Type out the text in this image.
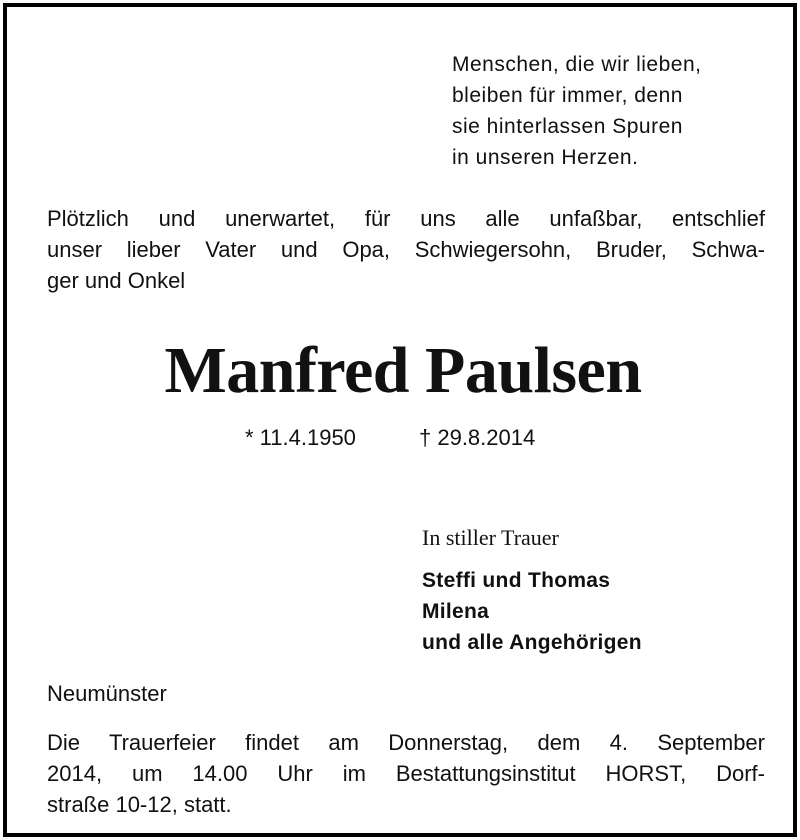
Menschen, die wir lieben,
bleiben für immer, denn
sie hinterlassen Spuren
in unseren Herzen.
Plötzlich und unerwartet, für uns alle unfaßbar, entschlief
unser lieber Vater und Opa, Schwiegersohn, Bruder, Schwa-
ger und Onkel
Manfred Paulsen
* 11.4.1950	† 29.8.2014
In stiller Trauer
Steffi und Thomas
Milena
und alle Angehörigen
Neumünster
Die Trauerfeier findet am Donnerstag, dem 4. September
2014, um 14.00 Uhr im Bestattungsinstitut HORST, Dorf-
straße 10-12, statt.
